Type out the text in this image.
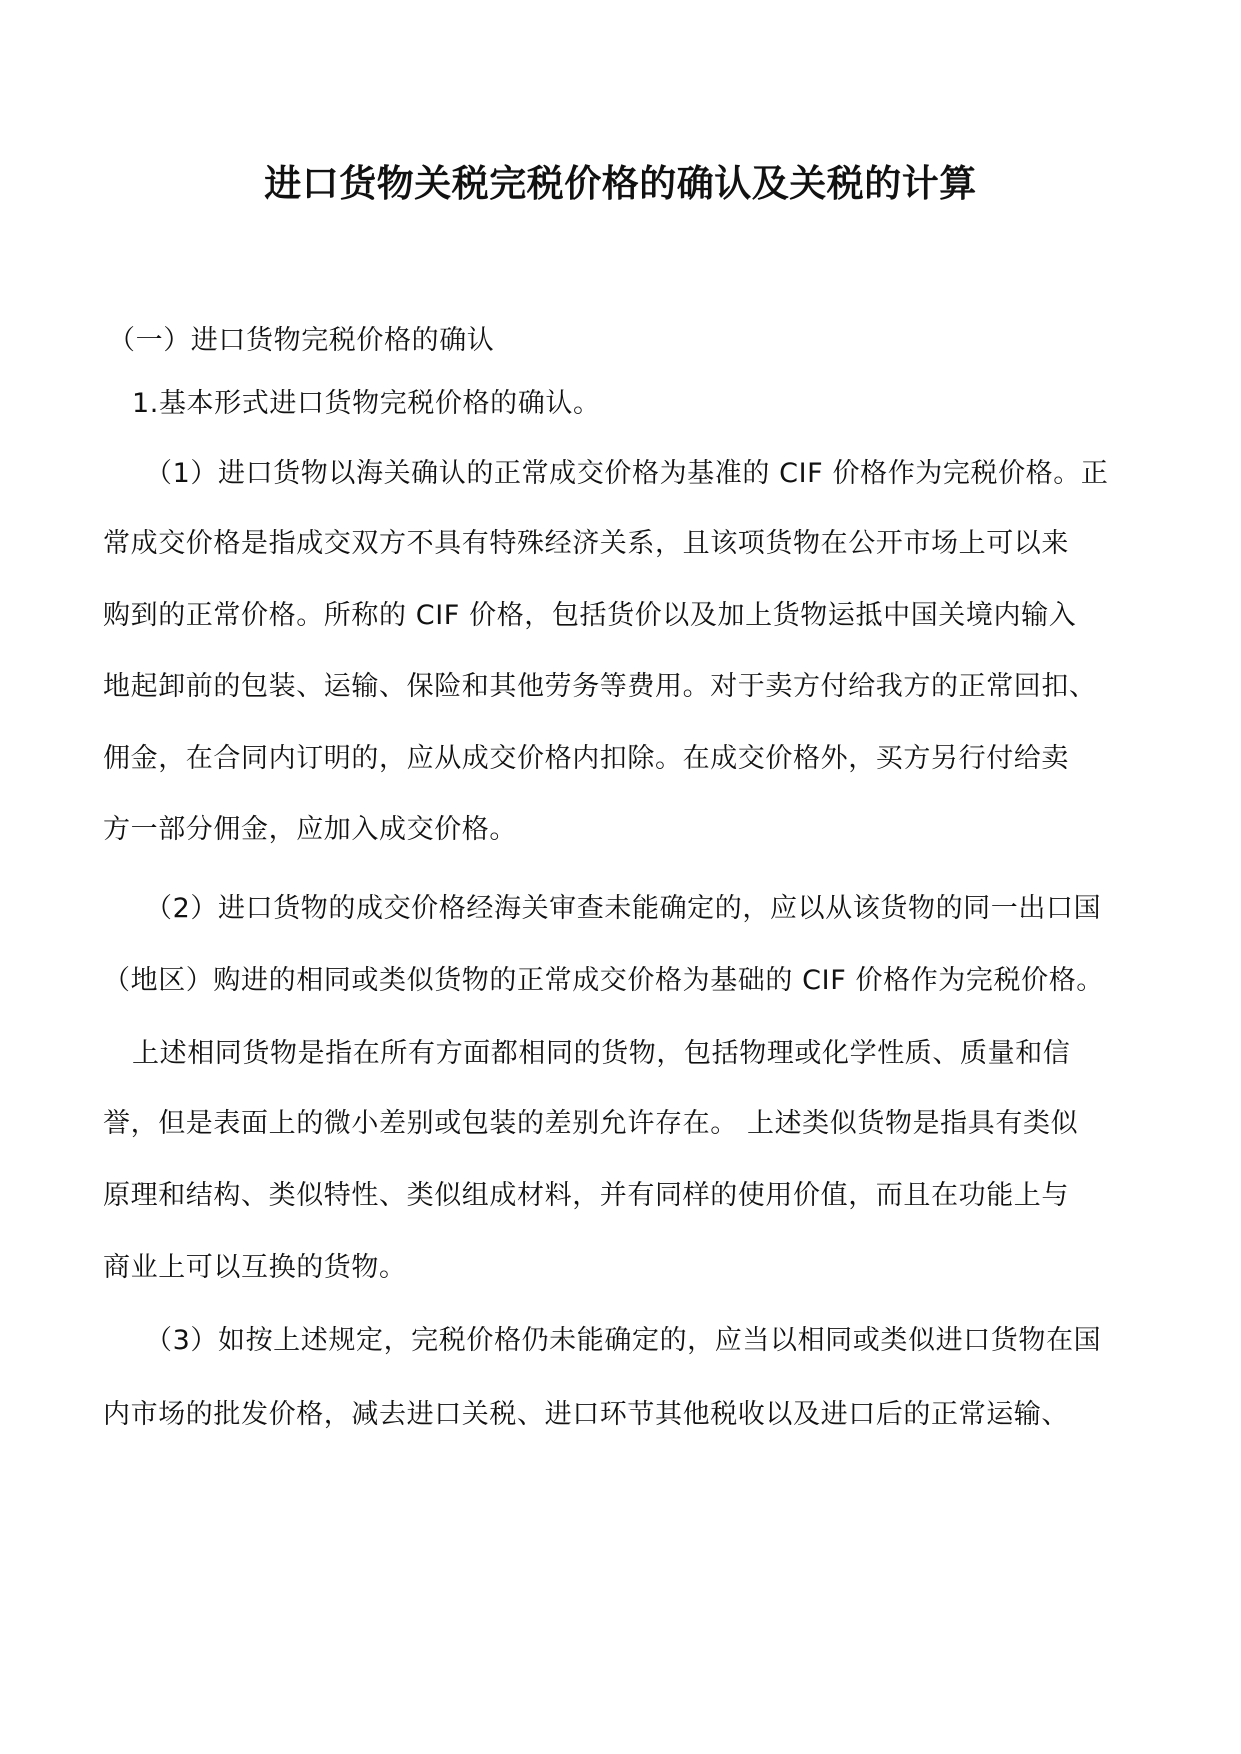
进口货物关税完税价格的确认及关税的计算
（一）进口货物完税价格的确认
1.基本形式进口货物完税价格的确认。
（1）进口货物以海关确认的正常成交价格为基准的 CIF 价格作为完税价格。正
常成交价格是指成交双方不具有特殊经济关系，且该项货物在公开市场上可以来
购到的正常价格。所称的 CIF 价格，包括货价以及加上货物运抵中国关境内输入
地起卸前的包装、运输、保险和其他劳务等费用。对于卖方付给我方的正常回扣、
佣金，在合同内订明的，应从成交价格内扣除。在成交价格外，买方另行付给卖
方一部分佣金，应加入成交价格。
（2）进口货物的成交价格经海关审查未能确定的，应以从该货物的同一出口国
（地区）购进的相同或类似货物的正常成交价格为基础的 CIF 价格作为完税价格。
上述相同货物是指在所有方面都相同的货物，包括物理或化学性质、质量和信
誉，但是表面上的微小差别或包装的差别允许存在。 上述类似货物是指具有类似
原理和结构、类似特性、类似组成材料，并有同样的使用价值，而且在功能上与
商业上可以互换的货物。
（3）如按上述规定，完税价格仍未能确定的，应当以相同或类似进口货物在国
内市场的批发价格，减去进口关税、进口环节其他税收以及进口后的正常运输、
